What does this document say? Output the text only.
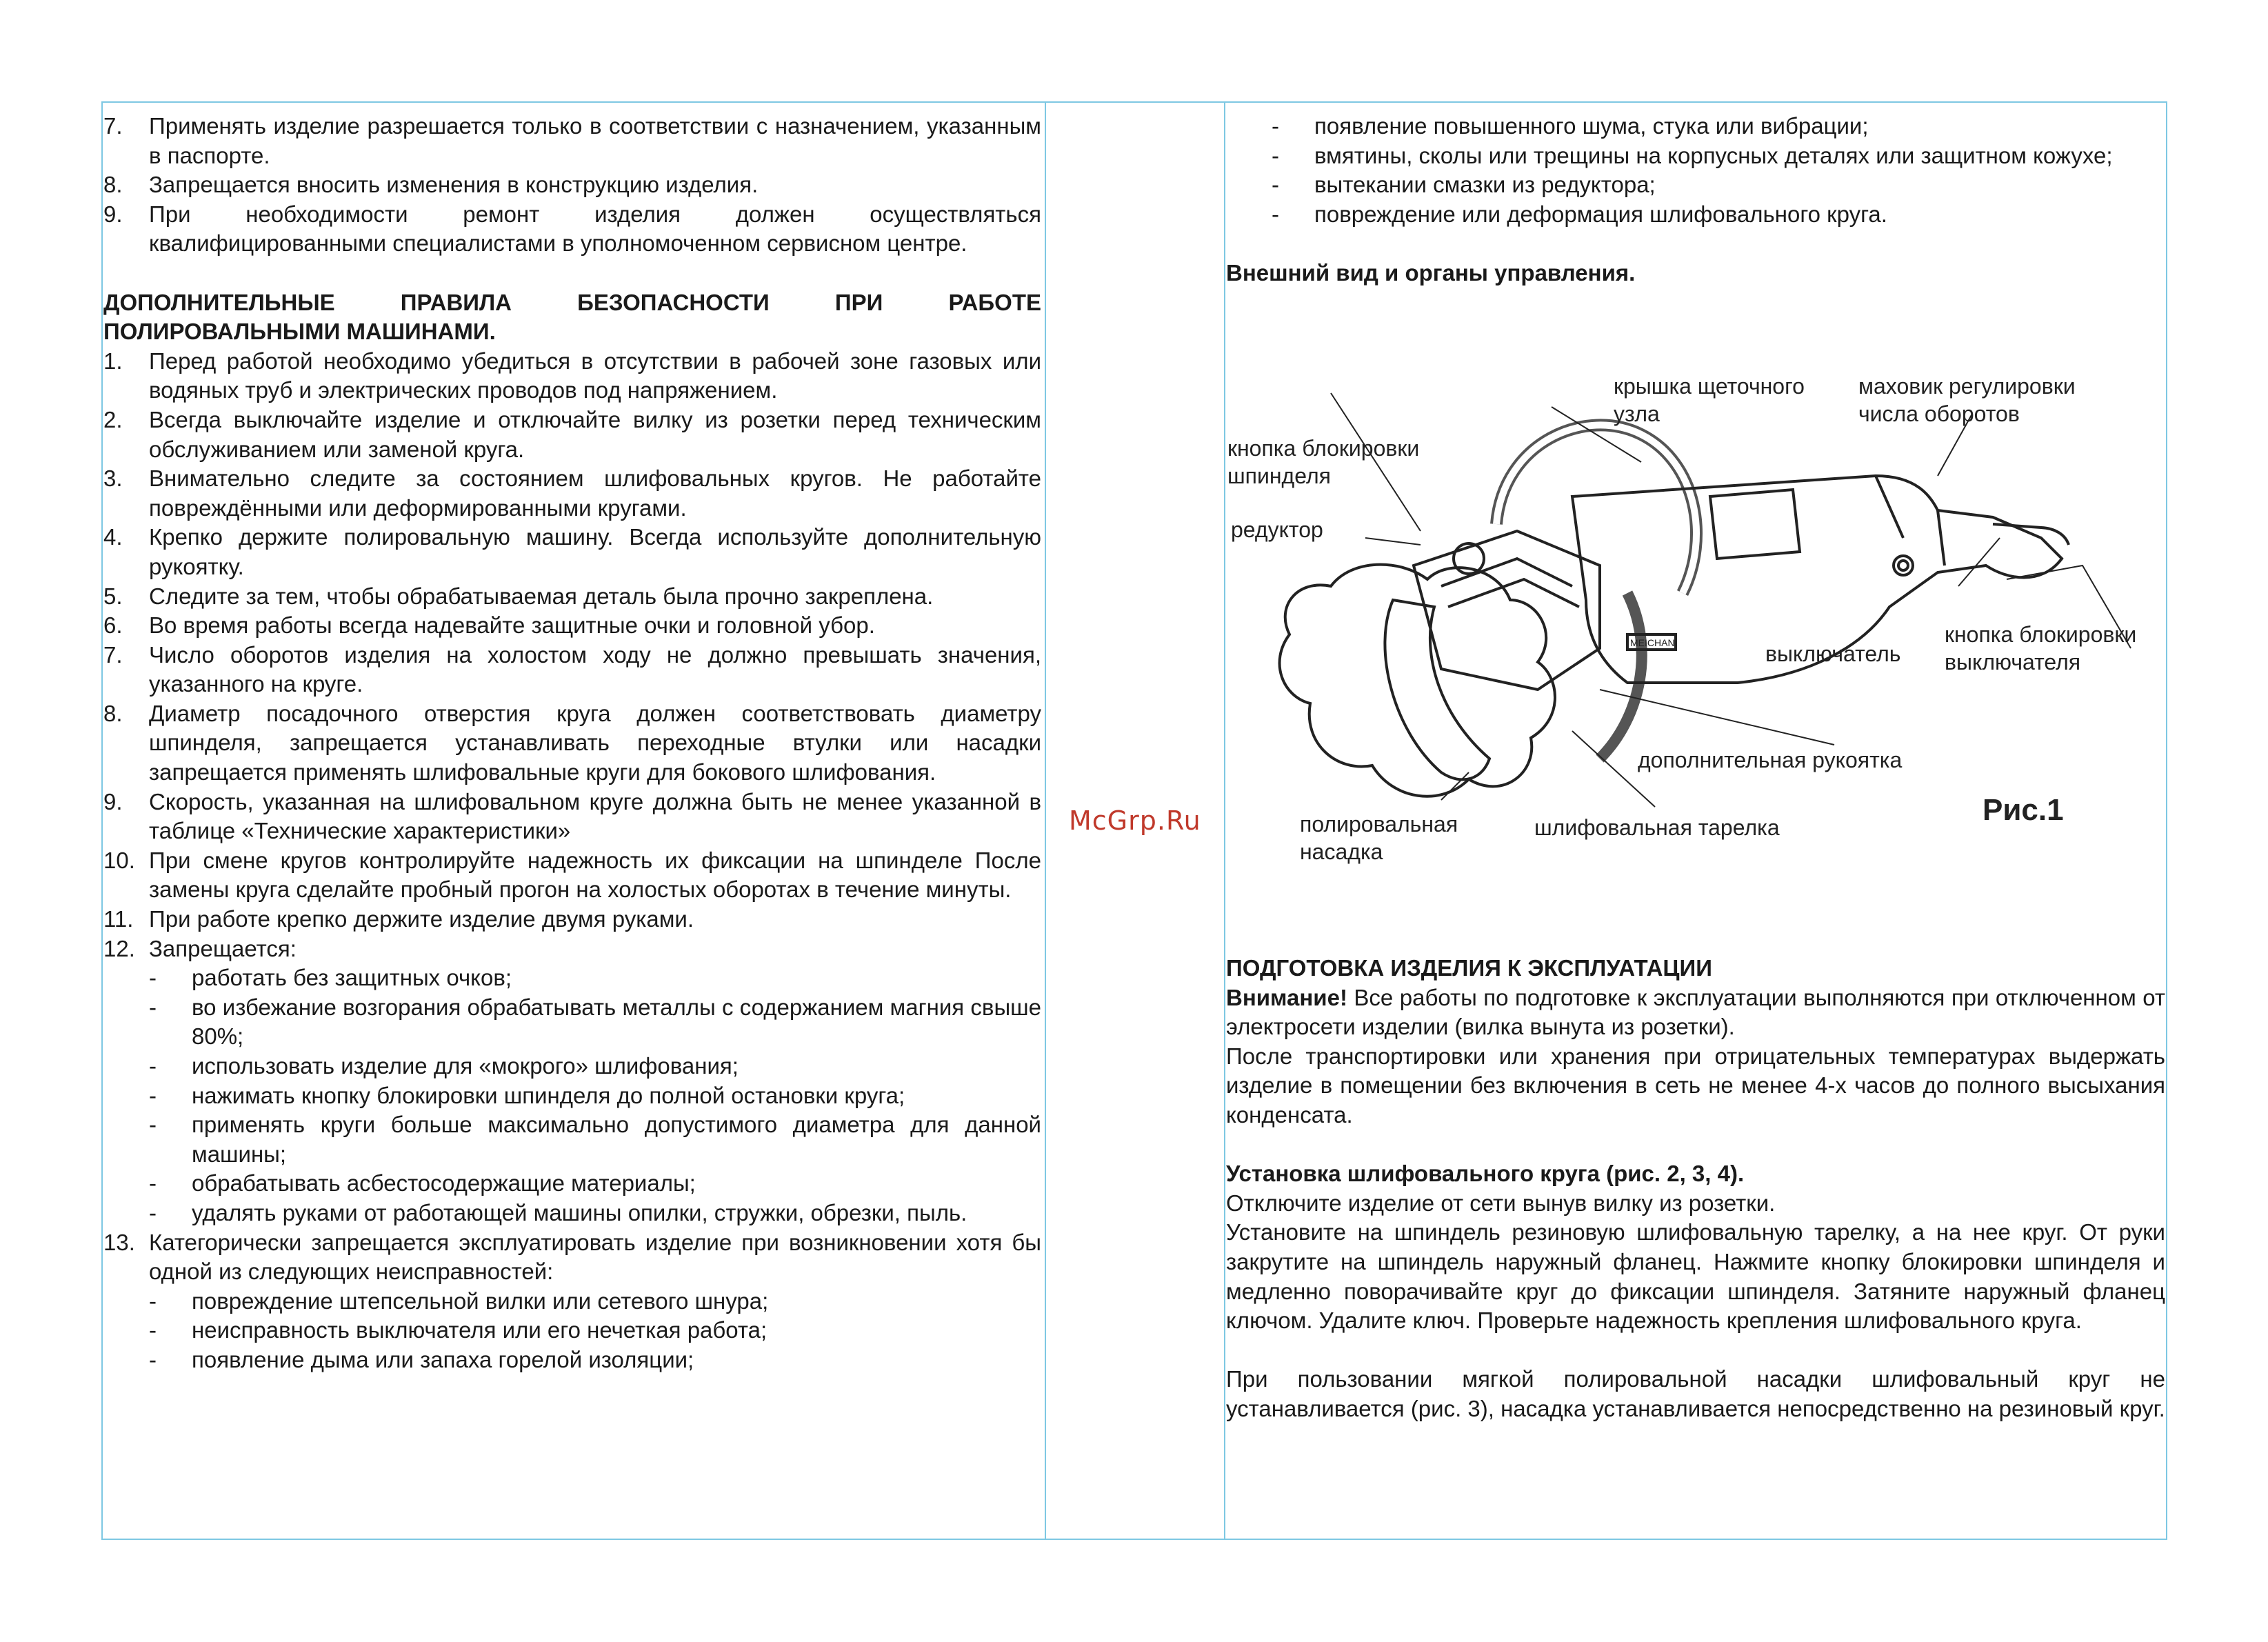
7. Применять изделие разрешается только в соответствии с назначением, указанным в паспорте.

8. Запрещается вносить изменения в конструкцию изделия.

9. При необходимости ремонт изделия должен осуществляться квалифицированными специалистами в уполномоченном сервисном центре.

ДОПОЛНИТЕЛЬНЫЕ ПРАВИЛА БЕЗОПАСНОСТИ ПРИ РАБОТЕ ПОЛИРОВАЛЬНЫМИ МАШИНАМИ.

1. Перед работой необходимо убедиться в отсутствии в рабочей зоне газовых или водяных труб и электрических проводов под напряжением.

2. Всегда выключайте изделие и отключайте вилку из розетки перед техническим обслуживанием или заменой круга.

3. Внимательно следите за состоянием шлифовальных кругов. Не работайте повреждёнными или деформированными кругами.

4. Крепко держите полировальную машину. Всегда используйте дополнительную рукоятку.

5. Следите за тем, чтобы обрабатываемая деталь была прочно закреплена.

6. Во время работы всегда надевайте защитные очки и головной убор.

7. Число оборотов изделия на холостом ходу не должно превышать значения, указанного на круге.

8. Диаметр посадочного отверстия круга должен соответствовать диаметру шпинделя, запрещается устанавливать переходные втулки или насадки запрещается применять шлифовальные круги для бокового шлифования.

9. Скорость, указанная на шлифовальном круге должна быть не менее указанной в таблице «Технические характеристики»

10. При смене кругов контролируйте надежность их фиксации на шпинделе После замены круга сделайте пробный прогон на холостых оборотах в течение минуты.

11. При работе крепко держите изделие двумя руками.

12. Запрещается:

- работать без защитных очков;

- во избежание возгорания обрабатывать металлы с содержанием магния свыше 80%;

- использовать изделие для «мокрого» шлифования;

- нажимать кнопку блокировки шпинделя до полной остановки круга;

- применять круги больше максимально допустимого диаметра для данной машины;

- обрабатывать асбестосодержащие материалы;

- удалять руками от работающей машины опилки, стружки, обрезки, пыль.

13. Категорически запрещается эксплуатировать изделие при возникновении хотя бы одной из следующих неисправностей:

- повреждение штепсельной вилки или сетевого шнура;

- неисправность выключателя или его нечеткая работа;

- появление дыма или запаха горелой изоляции;

McGrp.Ru

- появление повышенного шума, стука или вибрации;

- вмятины, сколы или трещины на корпусных деталях или защитном кожухе;

- вытекании смазки из редуктора;

- повреждение или деформация шлифовального круга.

Внешний вид и органы управления.

MEICHAN
крышка щеточного узла
маховик регулировки числа оборотов
кнопка блокировки шпинделя
редуктор
выключатель
кнопка блокировки выключателя
дополнительная рукоятка
полировальная насадка
шлифовальная тарелка
Рис.1

ПОДГОТОВКА ИЗДЕЛИЯ К ЭКСПЛУАТАЦИИ

Внимание! Все работы по подготовке к эксплуатации выполняются при отключенном от электросети изделии (вилка вынута из розетки).

После транспортировки или хранения при отрицательных температурах выдержать изделие в помещении без включения в сеть не менее 4-х часов до полного высыхания конденсата.

Установка шлифовального круга (рис. 2, 3, 4).

Отключите изделие от сети вынув вилку из розетки.

Установите на шпиндель резиновую шлифовальную тарелку, а на нее круг. От руки закрутите на шпиндель наружный фланец. Нажмите кнопку блокировки шпинделя и медленно поворачивайте круг до фиксации шпинделя. Затяните наружный фланец ключом. Удалите ключ. Проверьте надежность крепления шлифовального круга.

При пользовании мягкой полировальной насадки шлифовальный круг не устанавливается (рис. 3), насадка устанавливается непосредственно на резиновый круг.
